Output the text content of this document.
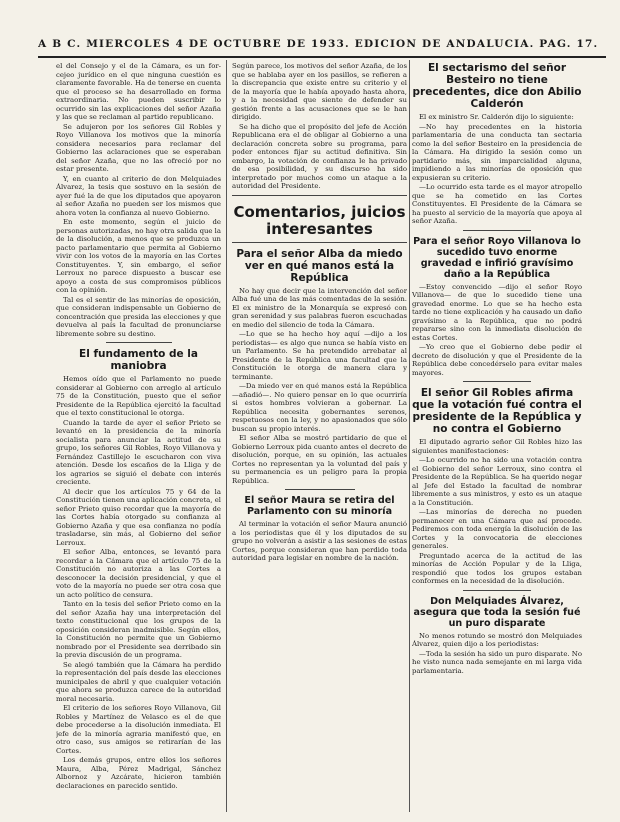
A B C. MIERCOLES 4 DE OCTUBRE DE 1933. EDICION DE ANDALUCIA. PAG. 17.

el del Consejo y el de la Cámara, es un forcejeo jurídico en el que ninguna cuestión es claramente favorable. Ha de tenerse en cuenta que el proceso se ha desarrollado en forma extraordinaria. No pueden suscribir lo ocurrido sin las explicaciones del señor Azaña y las que se reclaman al partido republicano.

Se adujeron por los señores Gil Robles y Royo Villanova los motivos que la minoría considera necesarios para reclamar del Gobierno las aclaraciones que se esperaban del señor Azaña, que no las ofreció por no estar presente.

Y, en cuanto al criterio de don Melquiades Álvarez, la tesis que sostuvo en la sesión de ayer fué la de que los diputados que apoyaron al señor Azaña no pueden ser los mismos que ahora voten la confianza al nuevo Gobierno.

En este momento, según el juicio de personas autorizadas, no hay otra salida que la de la disolución, a menos que se produzca un pacto parlamentario que permita al Gobierno vivir con los votos de la mayoría en las Cortes Constituyentes. Y, sin embargo, el señor Lerroux no parece dispuesto a buscar ese apoyo a costa de sus compromisos públicos con la opinión.

Tal es el sentir de las minorías de oposición, que consideran indispensable un Gobierno de concentración que presida las elecciones y que devuelva al país la facultad de pronunciarse libremente sobre su destino.

El fundamento de la maniobra

Hemos oído que el Parlamento no puede considerar al Gobierno con arreglo al artículo 75 de la Constitución, puesto que el señor Presidente de la República ejercitó la facultad que el texto constitucional le otorga.

Cuando la tarde de ayer el señor Prieto se levantó en la presidencia de la minoría socialista para anunciar la actitud de su grupo, los señores Gil Robles, Royo Villanova y Fernández Castillejo le escucharon con viva atención. Desde los escaños de la Lliga y de los agrarios se siguió el debate con interés creciente.

Al decir que los artículos 75 y 64 de la Constitución tienen una aplicación concreta, el señor Prieto quiso recordar que la mayoría de las Cortes había otorgado su confianza al Gobierno Azaña y que esa confianza no podía trasladarse, sin más, al Gobierno del señor Lerroux.

El señor Alba, entonces, se levantó para recordar a la Cámara que el artículo 75 de la Constitución no autoriza a las Cortes a desconocer la decisión presidencial, y que el voto de la mayoría no puede ser otra cosa que un acto político de censura.

Tanto en la tesis del señor Prieto como en la del señor Azaña hay una interpretación del texto constitucional que los grupos de la oposición consideran inadmisible. Según ellos, la Constitución no permite que un Gobierno nombrado por el Presidente sea derribado sin la previa discusión de un programa.

Se alegó también que la Cámara ha perdido la representación del país desde las elecciones municipales de abril y que cualquier votación que ahora se produzca carece de la autoridad moral necesaria.

El criterio de los señores Royo Villanova, Gil Robles y Martínez de Velasco es el de que debe procederse a la disolución inmediata. El jefe de la minoría agraria manifestó que, en otro caso, sus amigos se retirarían de las Cortes.

Los demás grupos, entre ellos los señores Maura, Alba, Pérez Madrigal, Sánchez Albornoz y Azcárate, hicieron también declaraciones en parecido sentido.

Según parece, los motivos del señor Azaña, de los que se hablaba ayer en los pasillos, se refieren a la discrepancia que existe entre su criterio y el de la mayoría que le había apoyado hasta ahora, y a la necesidad que siente de defender su gestión frente a las acusaciones que se le han dirigido.

Se ha dicho que el propósito del jefe de Acción Republicana era el de obligar al Gobierno a una declaración concreta sobre su programa, para poder entonces fijar su actitud definitiva. Sin embargo, la votación de confianza le ha privado de esa posibilidad, y su discurso ha sido interpretado por muchos como un ataque a la autoridad del Presidente.

Comentarios, juicios interesantes
Para el señor Alba da miedo ver en qué manos está la República

No hay que decir que la intervención del señor Alba fué una de las más comentadas de la sesión. El ex ministro de la Monarquía se expresó con gran serenidad y sus palabras fueron escuchadas en medio del silencio de toda la Cámara.

—Lo que se ha hecho hoy aquí —dijo a los periodistas— es algo que nunca se había visto en un Parlamento. Se ha pretendido arrebatar al Presidente de la República una facultad que la Constitución le otorga de manera clara y terminante.

—Da miedo ver en qué manos está la República —añadió—. No quiero pensar en lo que ocurriría si estos hombres volvieran a gobernar. La República necesita gobernantes serenos, respetuosos con la ley, y no apasionados que sólo buscan su propio interés.

El señor Alba se mostró partidario de que el Gobierno Lerroux pida cuanto antes el decreto de disolución, porque, en su opinión, las actuales Cortes no representan ya la voluntad del país y su permanencia es un peligro para la propia República.

El señor Maura se retira del Parlamento con su minoría

Al terminar la votación el señor Maura anunció a los periodistas que él y los diputados de su grupo no volverán a asistir a las sesiones de estas Cortes, porque consideran que han perdido toda autoridad para legislar en nombre de la nación.

El sectarismo del señor Besteiro no tiene precedentes, dice don Abilio Calderón

El ex ministro Sr. Calderón dijo lo siguiente:

—No hay precedentes en la historia parlamentaria de una conducta tan sectaria como la del señor Besteiro en la presidencia de la Cámara. Ha dirigido la sesión como un partidario más, sin imparcialidad alguna, impidiendo a las minorías de oposición que expusieran su criterio.

—Lo ocurrido esta tarde es el mayor atropello que se ha cometido en las Cortes Constituyentes. El Presidente de la Cámara se ha puesto al servicio de la mayoría que apoya al señor Azaña.

Para el señor Royo Villanova lo sucedido tuvo enorme gravedad e infirió gravísimo daño a la República

—Estoy convencido —dijo el señor Royo Villanova— de que lo sucedido tiene una gravedad enorme. Lo que se ha hecho esta tarde no tiene explicación y ha causado un daño gravísimo a la República, que no podrá repararse sino con la inmediata disolución de estas Cortes.

—Yo creo que el Gobierno debe pedir el decreto de disolución y que el Presidente de la República debe concedérselo para evitar males mayores.

El señor Gil Robles afirma que la votación fué contra el presidente de la República y no contra el Gobierno

El diputado agrario señor Gil Robles hizo las siguientes manifestaciones:

—Lo ocurrido no ha sido una votación contra el Gobierno del señor Lerroux, sino contra el Presidente de la República. Se ha querido negar al Jefe del Estado la facultad de nombrar libremente a sus ministros, y esto es un ataque a la Constitución.

—Las minorías de derecha no pueden permanecer en una Cámara que así procede. Pediremos con toda energía la disolución de las Cortes y la convocatoria de elecciones generales.

Preguntado acerca de la actitud de las minorías de Acción Popular y de la Lliga, respondió que todos los grupos estaban conformes en la necesidad de la disolución.

Don Melquiades Álvarez, asegura que toda la sesión fué un puro disparate

No menos rotundo se mostró don Melquiades Álvarez, quien dijo a los periodistas:

—Toda la sesión ha sido un puro disparate. No he visto nunca nada semejante en mi larga vida parlamentaria.
